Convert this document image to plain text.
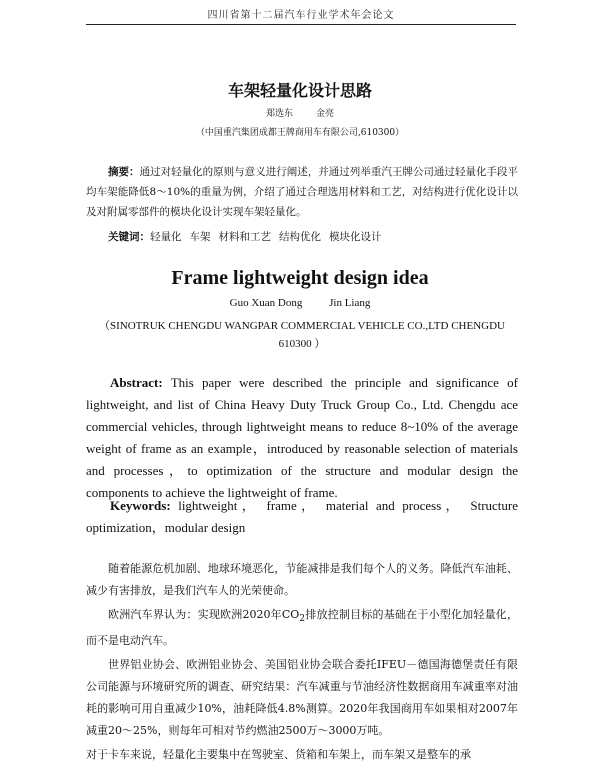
四川省第十二届汽车行业学术年会论文
车架轻量化设计思路
郑选东	金亮
（中国重汽集团成都王牌商用车有限公司,610300）
摘要：通过对轻量化的原则与意义进行阐述，并通过列举重汽王牌公司通过轻量化手段平均车架能降低8～10%的重量为例，介绍了通过合理选用材料和工艺，对结构进行优化设计以及对附属零部件的模块化设计实现车架轻量化。
关键词：轻量化 车架 材料和工艺 结构优化 模块化设计
Frame lightweight design idea
Guo Xuan Dong Jin Liang
（SINOTRUK CHENGDU WANGPAR COMMERCIAL VEHICLE CO.,LTD CHENGDU 610300 ）
Abstract: This paper were described the principle and significance of lightweight, and list of China Heavy Duty Truck Group Co., Ltd. Chengdu ace commercial vehicles, through lightweight means to reduce 8~10% of the average weight of frame as an example，introduced by reasonable selection of materials and processes，to optimization of the structure and modular design the components to achieve the lightweight of frame.
Keywords: lightweight， frame， material and process， Structure optimization，modular design

随着能源危机加剧、地球环境恶化，节能减排是我们每个人的义务。降低汽车油耗、减少有害排放，是我们汽车人的光荣使命。

欧洲汽车界认为：实现欧洲2020年$CO_2$排放控制目标的基础在于小型化加轻量化，而不是电动汽车。

世界铝业协会、欧洲铝业协会、美国铝业协会联合委托IFEU－德国海德堡责任有限公司能源与环境研究所的调查、研究结果：汽车减重与节油经济性数据商用车减重率对油耗的影响可用自重减少10%，油耗降低4.8%测算。2020年我国商用车如果相对2007年减重20～25%，则每年可相对节约燃油2500万～3000万吨。

对于卡车来说，轻量化主要集中在驾驶室、货箱和车架上，而车架又是整车的承
